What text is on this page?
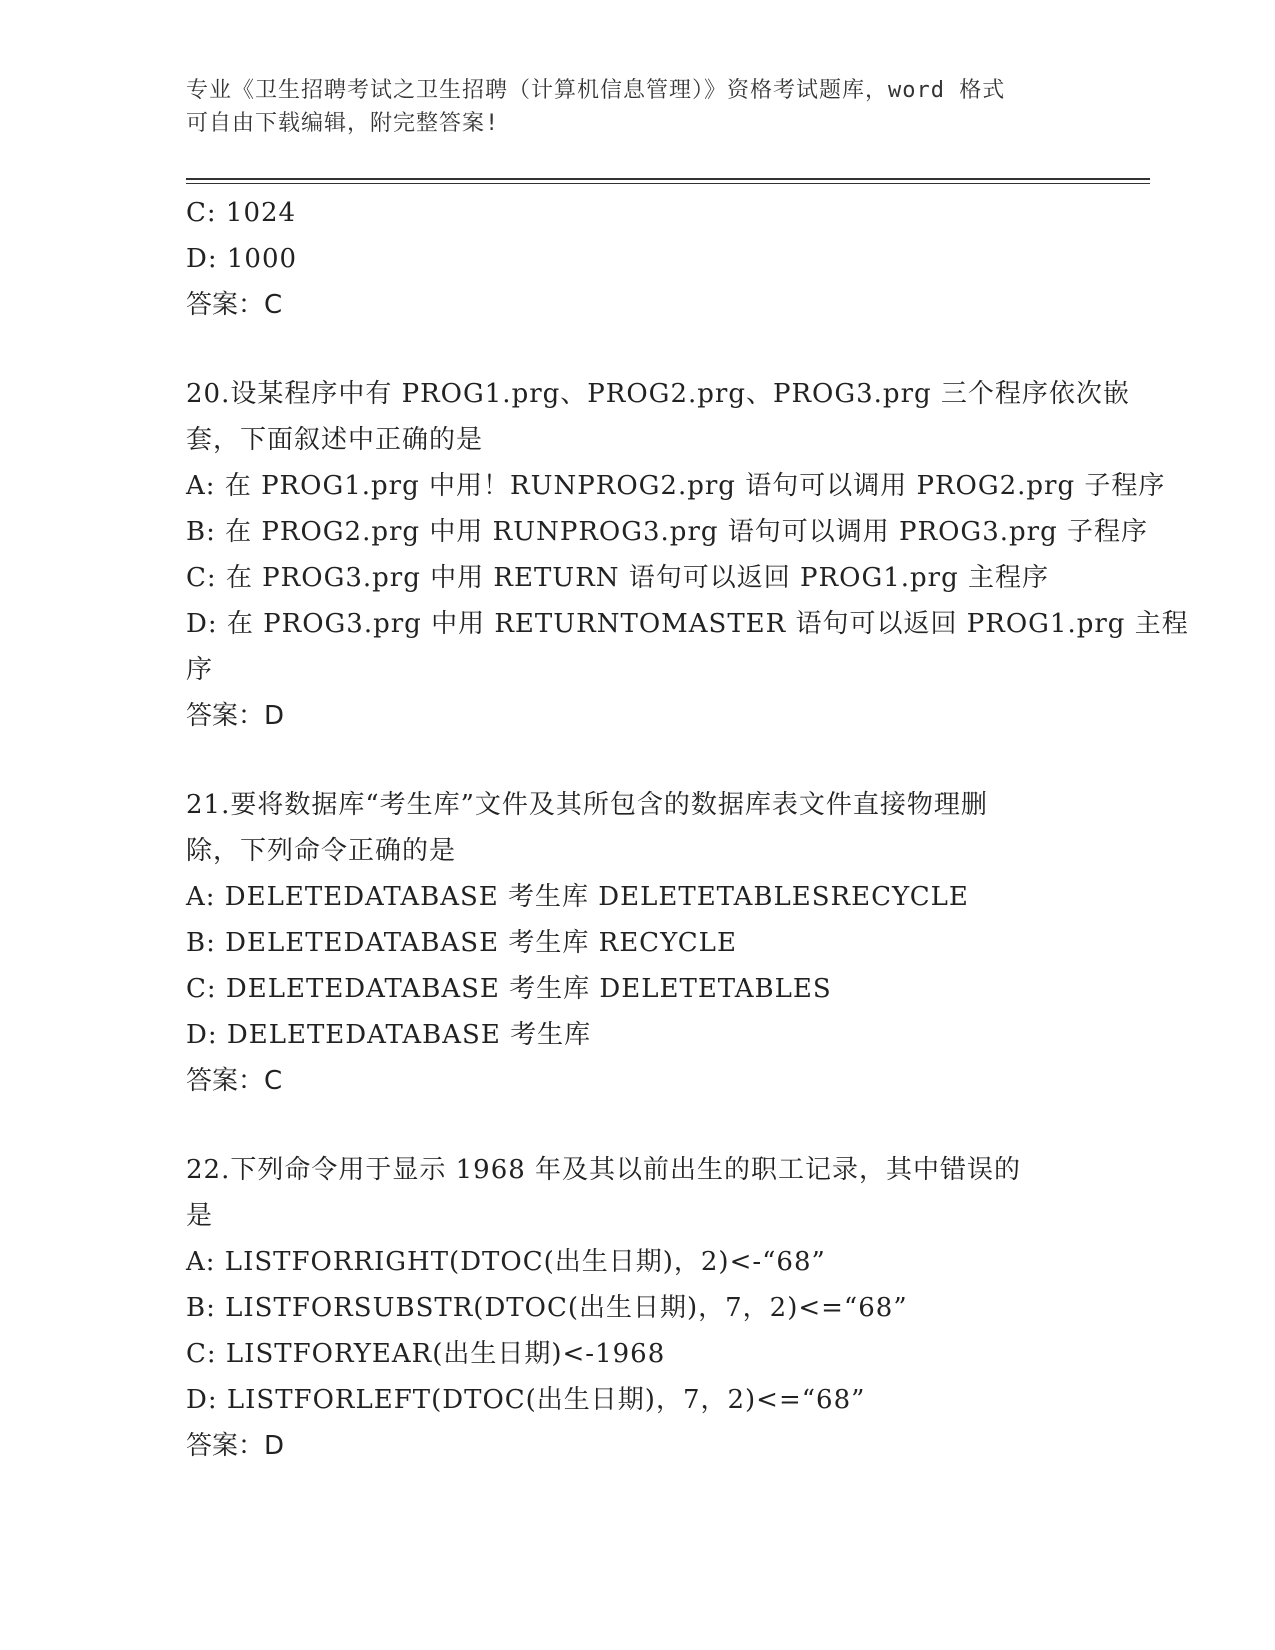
专业《卫生招聘考试之卫生招聘（计算机信息管理）》资格考试题库，word 格式
可自由下载编辑，附完整答案!
C: 1024
D: 1000
答案：C
20.设某程序中有 PROG1.prg、PROG2.prg、PROG3.prg 三个程序依次嵌
套，下面叙述中正确的是
A: 在 PROG1.prg 中用！RUNPROG2.prg 语句可以调用 PROG2.prg 子程序
B: 在 PROG2.prg 中用 RUNPROG3.prg 语句可以调用 PROG3.prg 子程序
C: 在 PROG3.prg 中用 RETURN 语句可以返回 PROG1.prg 主程序
D: 在 PROG3.prg 中用 RETURNTOMASTER 语句可以返回 PROG1.prg 主程
序
答案：D
21.要将数据库“考生库”文件及其所包含的数据库表文件直接物理删
除，下列命令正确的是
A: DELETEDATABASE 考生库 DELETETABLESRECYCLE
B: DELETEDATABASE 考生库 RECYCLE
C: DELETEDATABASE 考生库 DELETETABLES
D: DELETEDATABASE 考生库
答案：C
22.下列命令用于显示 1968 年及其以前出生的职工记录，其中错误的
是
A: LISTFORRIGHT(DTOC(出生日期)，2)<-“68”
B: LISTFORSUBSTR(DTOC(出生日期)，7，2)<=“68”
C: LISTFORYEAR(出生日期)<-1968
D: LISTFORLEFT(DTOC(出生日期)，7，2)<=“68”
答案：D
